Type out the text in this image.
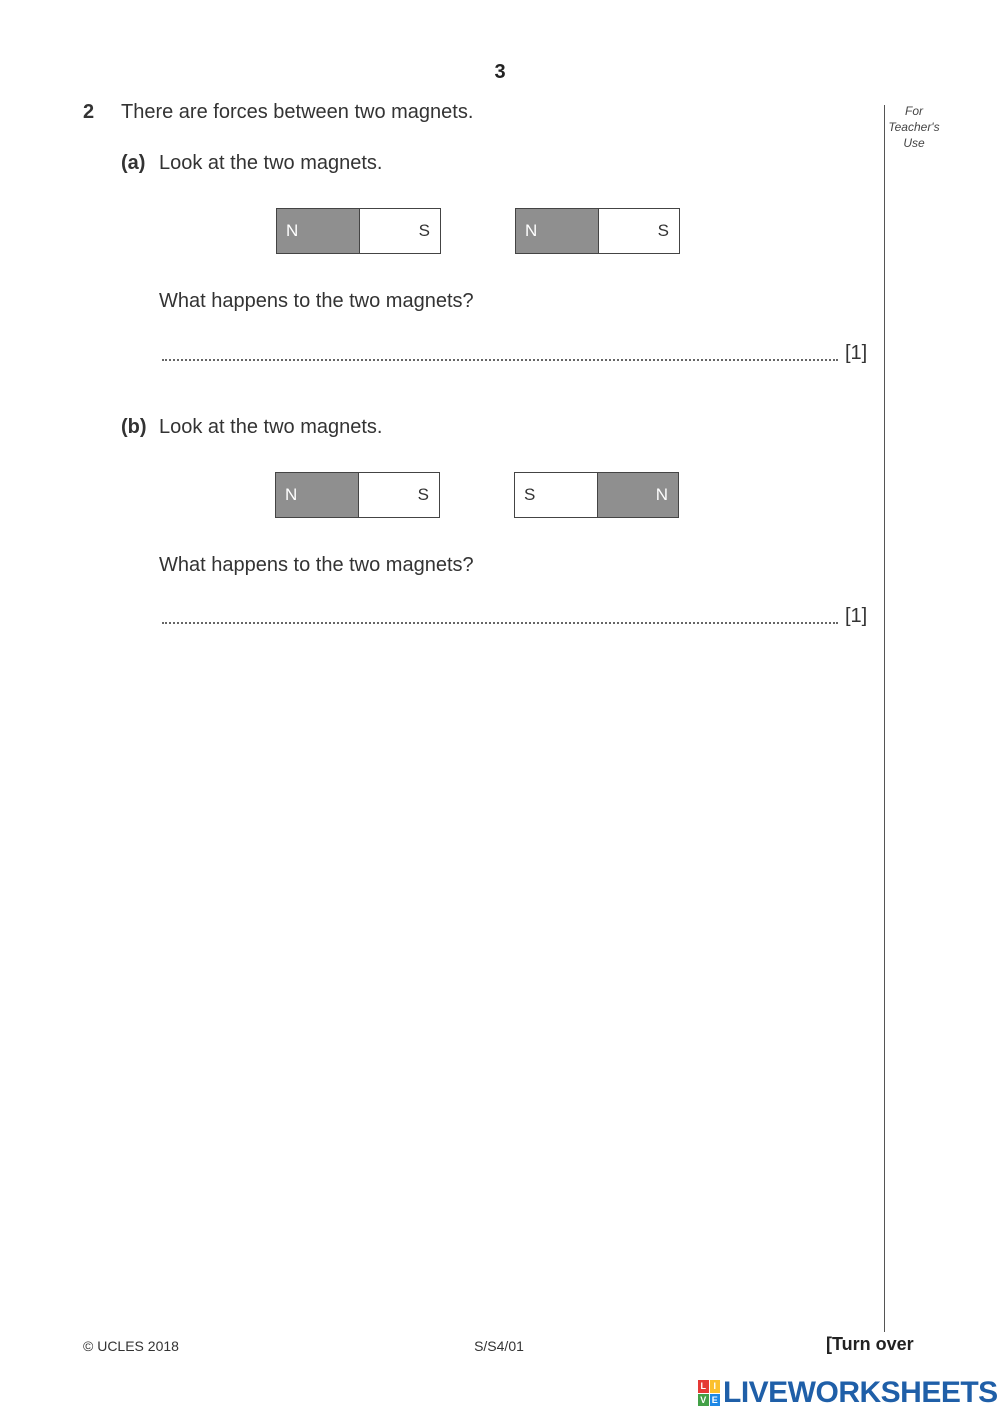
3
For
Teacher's
Use
2 There are forces between two magnets.
(a) Look at the two magnets.
N	S	N	S
What happens to the two magnets?
[1]
(b) Look at the two magnets.
N	S	S	N
What happens to the two magnets?
[1]
© UCLES 2018	S/S4/01	[Turn over
L I
V E LIVEWORKSHEETS
